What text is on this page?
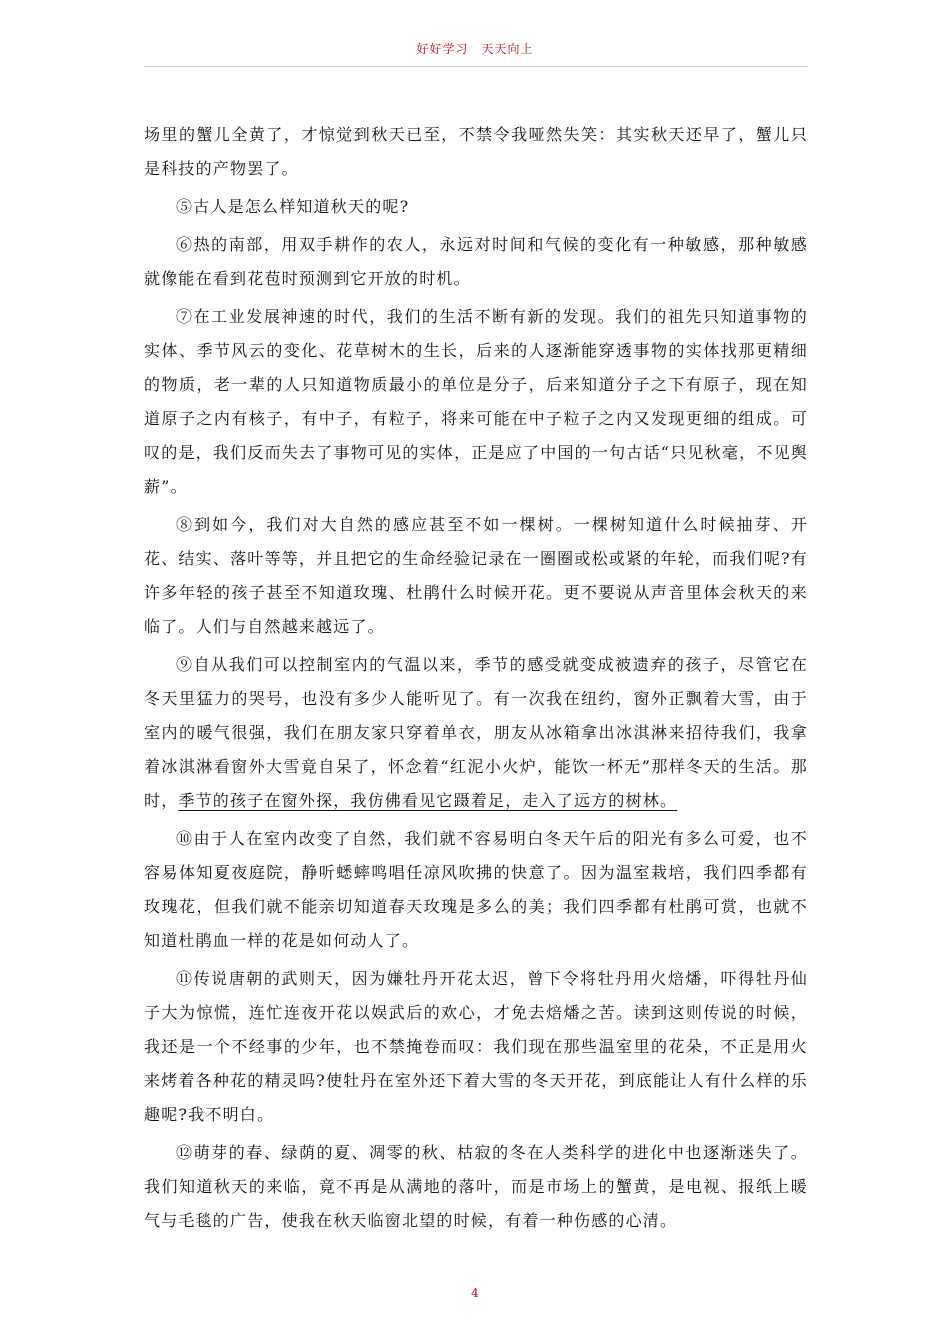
好好学习　天天向上

场里的蟹儿全黄了，才惊觉到秋天已至，不禁令我哑然失笑：其实秋天还早了，蟹儿只是科技的产物罢了。

⑤古人是怎么样知道秋天的呢?

⑥热的南部，用双手耕作的农人，永远对时间和气候的变化有一种敏感，那种敏感就像能在看到花苞时预测到它开放的时机。

⑦在工业发展神速的时代，我们的生活不断有新的发现。我们的祖先只知道事物的实体、季节风云的变化、花草树木的生长，后来的人逐渐能穿透事物的实体找那更精细的物质，老一辈的人只知道物质最小的单位是分子，后来知道分子之下有原子，现在知道原子之内有核子，有中子，有粒子，将来可能在中子粒子之内又发现更细的组成。可叹的是，我们反而失去了事物可见的实体，正是应了中国的一句古话“只见秋毫，不见舆薪”。

⑧到如今，我们对大自然的感应甚至不如一棵树。一棵树知道什么时候抽芽、开花、结实、落叶等等，并且把它的生命经验记录在一圈圈或松或紧的年轮，而我们呢?有许多年轻的孩子甚至不知道玫瑰、杜鹃什么时候开花。更不要说从声音里体会秋天的来临了。人们与自然越来越远了。

⑨自从我们可以控制室内的气温以来，季节的感受就变成被遗弃的孩子，尽管它在冬天里猛力的哭号，也没有多少人能听见了。有一次我在纽约，窗外正飘着大雪，由于室内的暖气很强，我们在朋友家只穿着单衣，朋友从冰箱拿出冰淇淋来招待我们，我拿着冰淇淋看窗外大雪竟自呆了，怀念着“红泥小火炉，能饮一杯无”那样冬天的生活。那时，季节的孩子在窗外探，我仿佛看见它蹑着足，走入了远方的树林。

⑩由于人在室内改变了自然，我们就不容易明白冬天午后的阳光有多么可爱，也不容易体知夏夜庭院，静听蟋蟀鸣唱任凉风吹拂的快意了。因为温室栽培，我们四季都有玫瑰花，但我们就不能亲切知道春天玫瑰是多么的美；我们四季都有杜鹃可赏，也就不知道杜鹃血一样的花是如何动人了。

⑪传说唐朝的武则天，因为嫌牡丹开花太迟，曾下令将牡丹用火焙燔，吓得牡丹仙子大为惊慌，连忙连夜开花以娱武后的欢心，才免去焙燔之苦。读到这则传说的时候，我还是一个不经事的少年，也不禁掩卷而叹：我们现在那些温室里的花朵，不正是用火来烤着各种花的精灵吗?使牡丹在室外还下着大雪的冬天开花，到底能让人有什么样的乐趣呢?我不明白。

⑫萌芽的春、绿荫的夏、凋零的秋、枯寂的冬在人类科学的进化中也逐渐迷失了。我们知道秋天的来临，竟不再是从满地的落叶，而是市场上的蟹黄，是电视、报纸上暖气与毛毯的广告，使我在秋天临窗北望的时候，有着一种伤感的心清。

4
